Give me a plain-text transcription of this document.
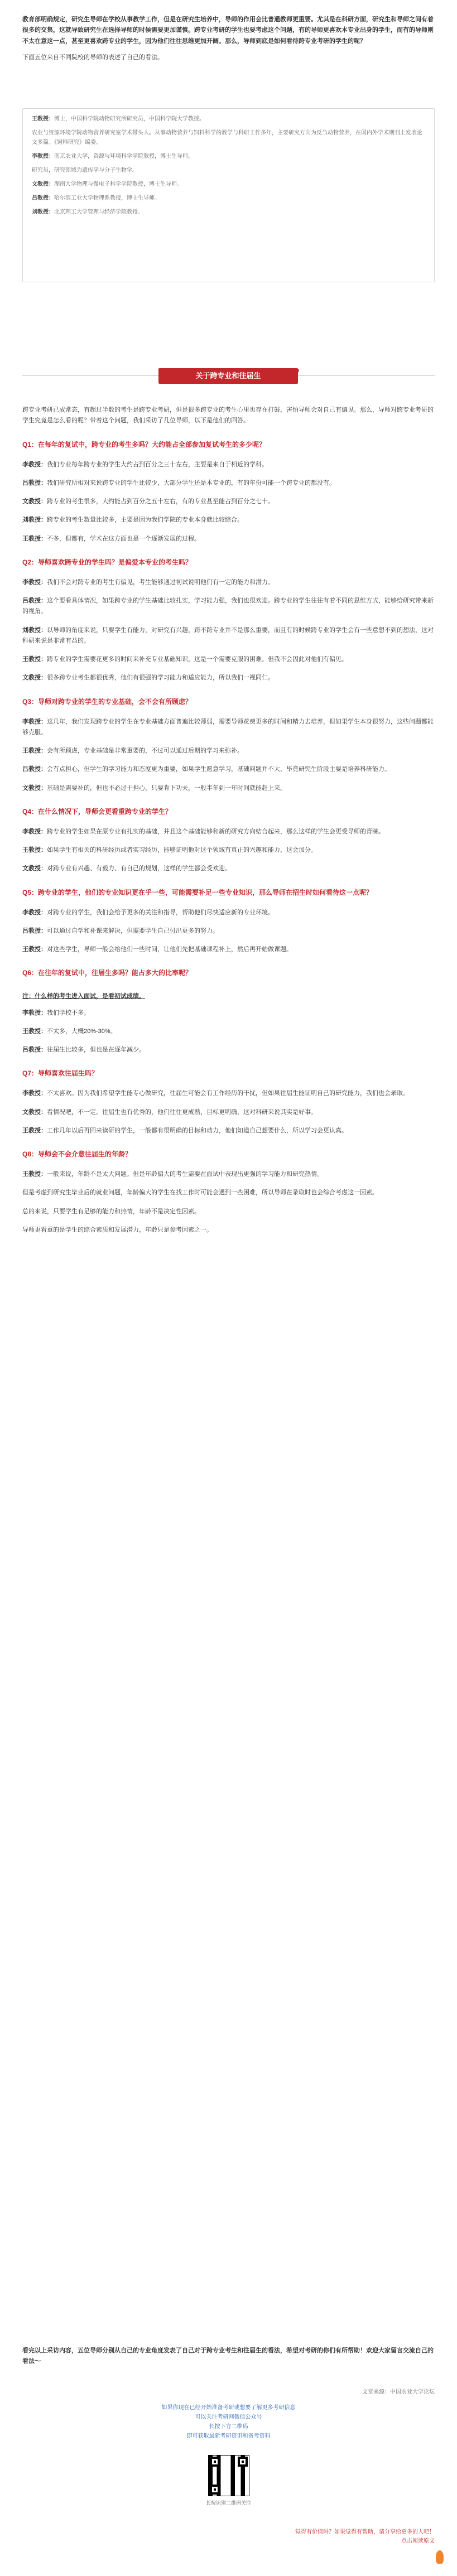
教育部明确规定，研究生导师在学校从事教学工作，但是在研究生培养中，导师的作用会比普通教师更重要。尤其是在科研方面，研究生和导师之间有着很多的交集，这就导致研究生在选择导师的时候需要更加谨慎。跨专业考研的学生也要考虑这个问题，有的导师更喜欢本专业出身的学生，而有的导师则不太在意这一点，甚至更喜欢跨专业的学生，因为他们往往思维更加开阔。那么，导师到底是如何看待跨专业考研的学生的呢？

下面五位来自不同院校的导师的表述了自己的看法。

王教授：博士，中国科学院动物研究所研究员，中国科学院大学教授。

农业与资源环境学院动物营养研究室学术带头人。从事动物营养与饲料科学的教学与科研工作多年，主要研究方向为反刍动物营养，在国内外学术期刊上发表论文多篇。《饲料研究》编委。

李教授：南京农业大学，资源与环境科学学院教授，博士生导师。

研究员，研究领域为遗传学与分子生物学。

文教授：湖南大学物理与微电子科学学院教授，博士生导师。

吕教授：哈尔滨工业大学物理系教授，博士生导师。

刘教授：北京理工大学管理与经济学院教授。

关于跨专业和往届生	”

跨专业考研已成常态，有超过半数的考生是跨专业考研，但是很多跨专业的考生心里也存在打鼓，害怕导师会对自己有偏见。那么，导师对跨专业考研的学生究竟是怎么看的呢？带着这个问题，我们采访了几位导师，以下是他们的回答。

Q1：在每年的复试中，跨专业的考生多吗？大约能占全部参加复试考生的多少呢？

李教授：我们专业每年跨专业的学生大约占到百分之三十左右，主要是来自于相近的学科。

吕教授：我们研究所相对来说跨专业的学生比较少，大部分学生还是本专业的，有的年份可能一个跨专业的都没有。

文教授：跨专业的考生很多，大约能占到百分之五十左右，有的专业甚至能占到百分之七十。

刘教授：跨专业的考生数量比较多，主要是因为我们学院的专业本身就比较综合。

王教授：不多，但都有，学术在这方面也是一个逐渐发展的过程。

Q2：导师喜欢跨专业的学生吗？是偏爱本专业的考生吗？

李教授：我们不会对跨专业的考生有偏见，考生能够通过初试说明他们有一定的能力和潜力。

吕教授：这个要看具体情况，如果跨专业的学生基础比较扎实，学习能力强，我们也很欢迎。跨专业的学生往往有着不同的思维方式，能够给研究带来新的视角。

刘教授：以导师的角度来说，只要学生有能力，对研究有兴趣，跨不跨专业并不是那么重要，而且有的时候跨专业的学生会有一些意想不到的想法，这对科研来说是非常有益的。

王教授：跨专业的学生需要花更多的时间来补充专业基础知识，这是一个需要克服的困难。但我不会因此对他们有偏见。

文教授：很多跨专业考生都很优秀，他们有很强的学习能力和适应能力，所以我们一视同仁。

Q3：导师对跨专业的学生的专业基础，会不会有所顾虑？

李教授：这几年，我们发现跨专业的学生在专业基础方面普遍比较薄弱，需要导师花费更多的时间和精力去培养，但如果学生本身很努力，这些问题都能够克服。

王教授：会有所顾虑，专业基础是非常重要的，不过可以通过后期的学习来弥补。

吕教授：会有点担心，但学生的学习能力和态度更为重要，如果学生愿意学习，基础问题并不大，毕竟研究生阶段主要是培养科研能力。

文教授：基础是需要补的，但也不必过于担心，只要肯下功夫，一般半年到一年时间就能赶上来。

Q4：在什么情况下，导师会更看重跨专业的学生？

李教授：跨专业的学生如果在原专业有扎实的基础，并且这个基础能够和新的研究方向结合起来，那么这样的学生会更受导师的青睐。

王教授：如果学生有相关的科研经历或者实习经历，能够证明他对这个领域有真正的兴趣和能力，这会加分。

文教授：对跨专业有兴趣、有毅力、有自己的规划，这样的学生都会受欢迎。

Q5：跨专业的学生，他们的专业知识更在乎一些，可能需要补足一些专业知识，那么导师在招生时如何看待这一点呢？

李教授：对跨专业的学生，我们会给予更多的关注和指导，帮助他们尽快适应新的专业环境。

吕教授：可以通过自学和补课来解决，但需要学生自己付出更多的努力。

王教授：对这些学生，导师一般会给他们一些时间，让他们先把基础课程补上，然后再开始做课题。

Q6：在往年的复试中，往届生多吗？能占多大的比率呢？

注：什么样的考生进入面试，是看初试成绩。

李教授：我们学校不多。

王教授：不太多，大概20%-30%。

吕教授：往届生比较多，但也是在逐年减少。

Q7：导师喜欢往届生吗？

李教授：不太喜欢。因为我们希望学生能专心做研究，往届生可能会有工作经历的干扰，但如果往届生能证明自己的研究能力，我们也会录取。

文教授：看情况吧，不一定。往届生也有优秀的，他们往往更成熟，目标更明确，这对科研来说其实是好事。

王教授：工作几年以后再回来读研的学生，一般都有很明确的目标和动力，他们知道自己想要什么，所以学习会更认真。

Q8：导师会不会介意往届生的年龄？

王教授：一般来说，年龄不是太大问题。但是年龄偏大的考生需要在面试中表现出更强的学习能力和研究热情。

但是考虑到研究生毕业后的就业问题，年龄偏大的学生在找工作时可能会遇到一些困难，所以导师在录取时也会综合考虑这一因素。

总的来说，只要学生有足够的能力和热情，年龄不是决定性因素。

导师更看重的是学生的综合素质和发展潜力，年龄只是参考因素之一。

看完以上采访内容，五位导师分别从自己的专业角度发表了自己对于跨专业考生和往届生的看法，希望对考研的你们有所帮助！欢迎大家留言交流自己的看法～
文章来源：中国农业大学论坛
如果你现在已经开始准备考研或想要了解更多考研信息
可以关注考研网微信公众号
长按下方二维码
即可获取最新考研资讯和备考资料
长按识别二维码关注
觉得有价值吗？如果觉得有帮助，请分享给更多的人吧！
点击阅读原文
